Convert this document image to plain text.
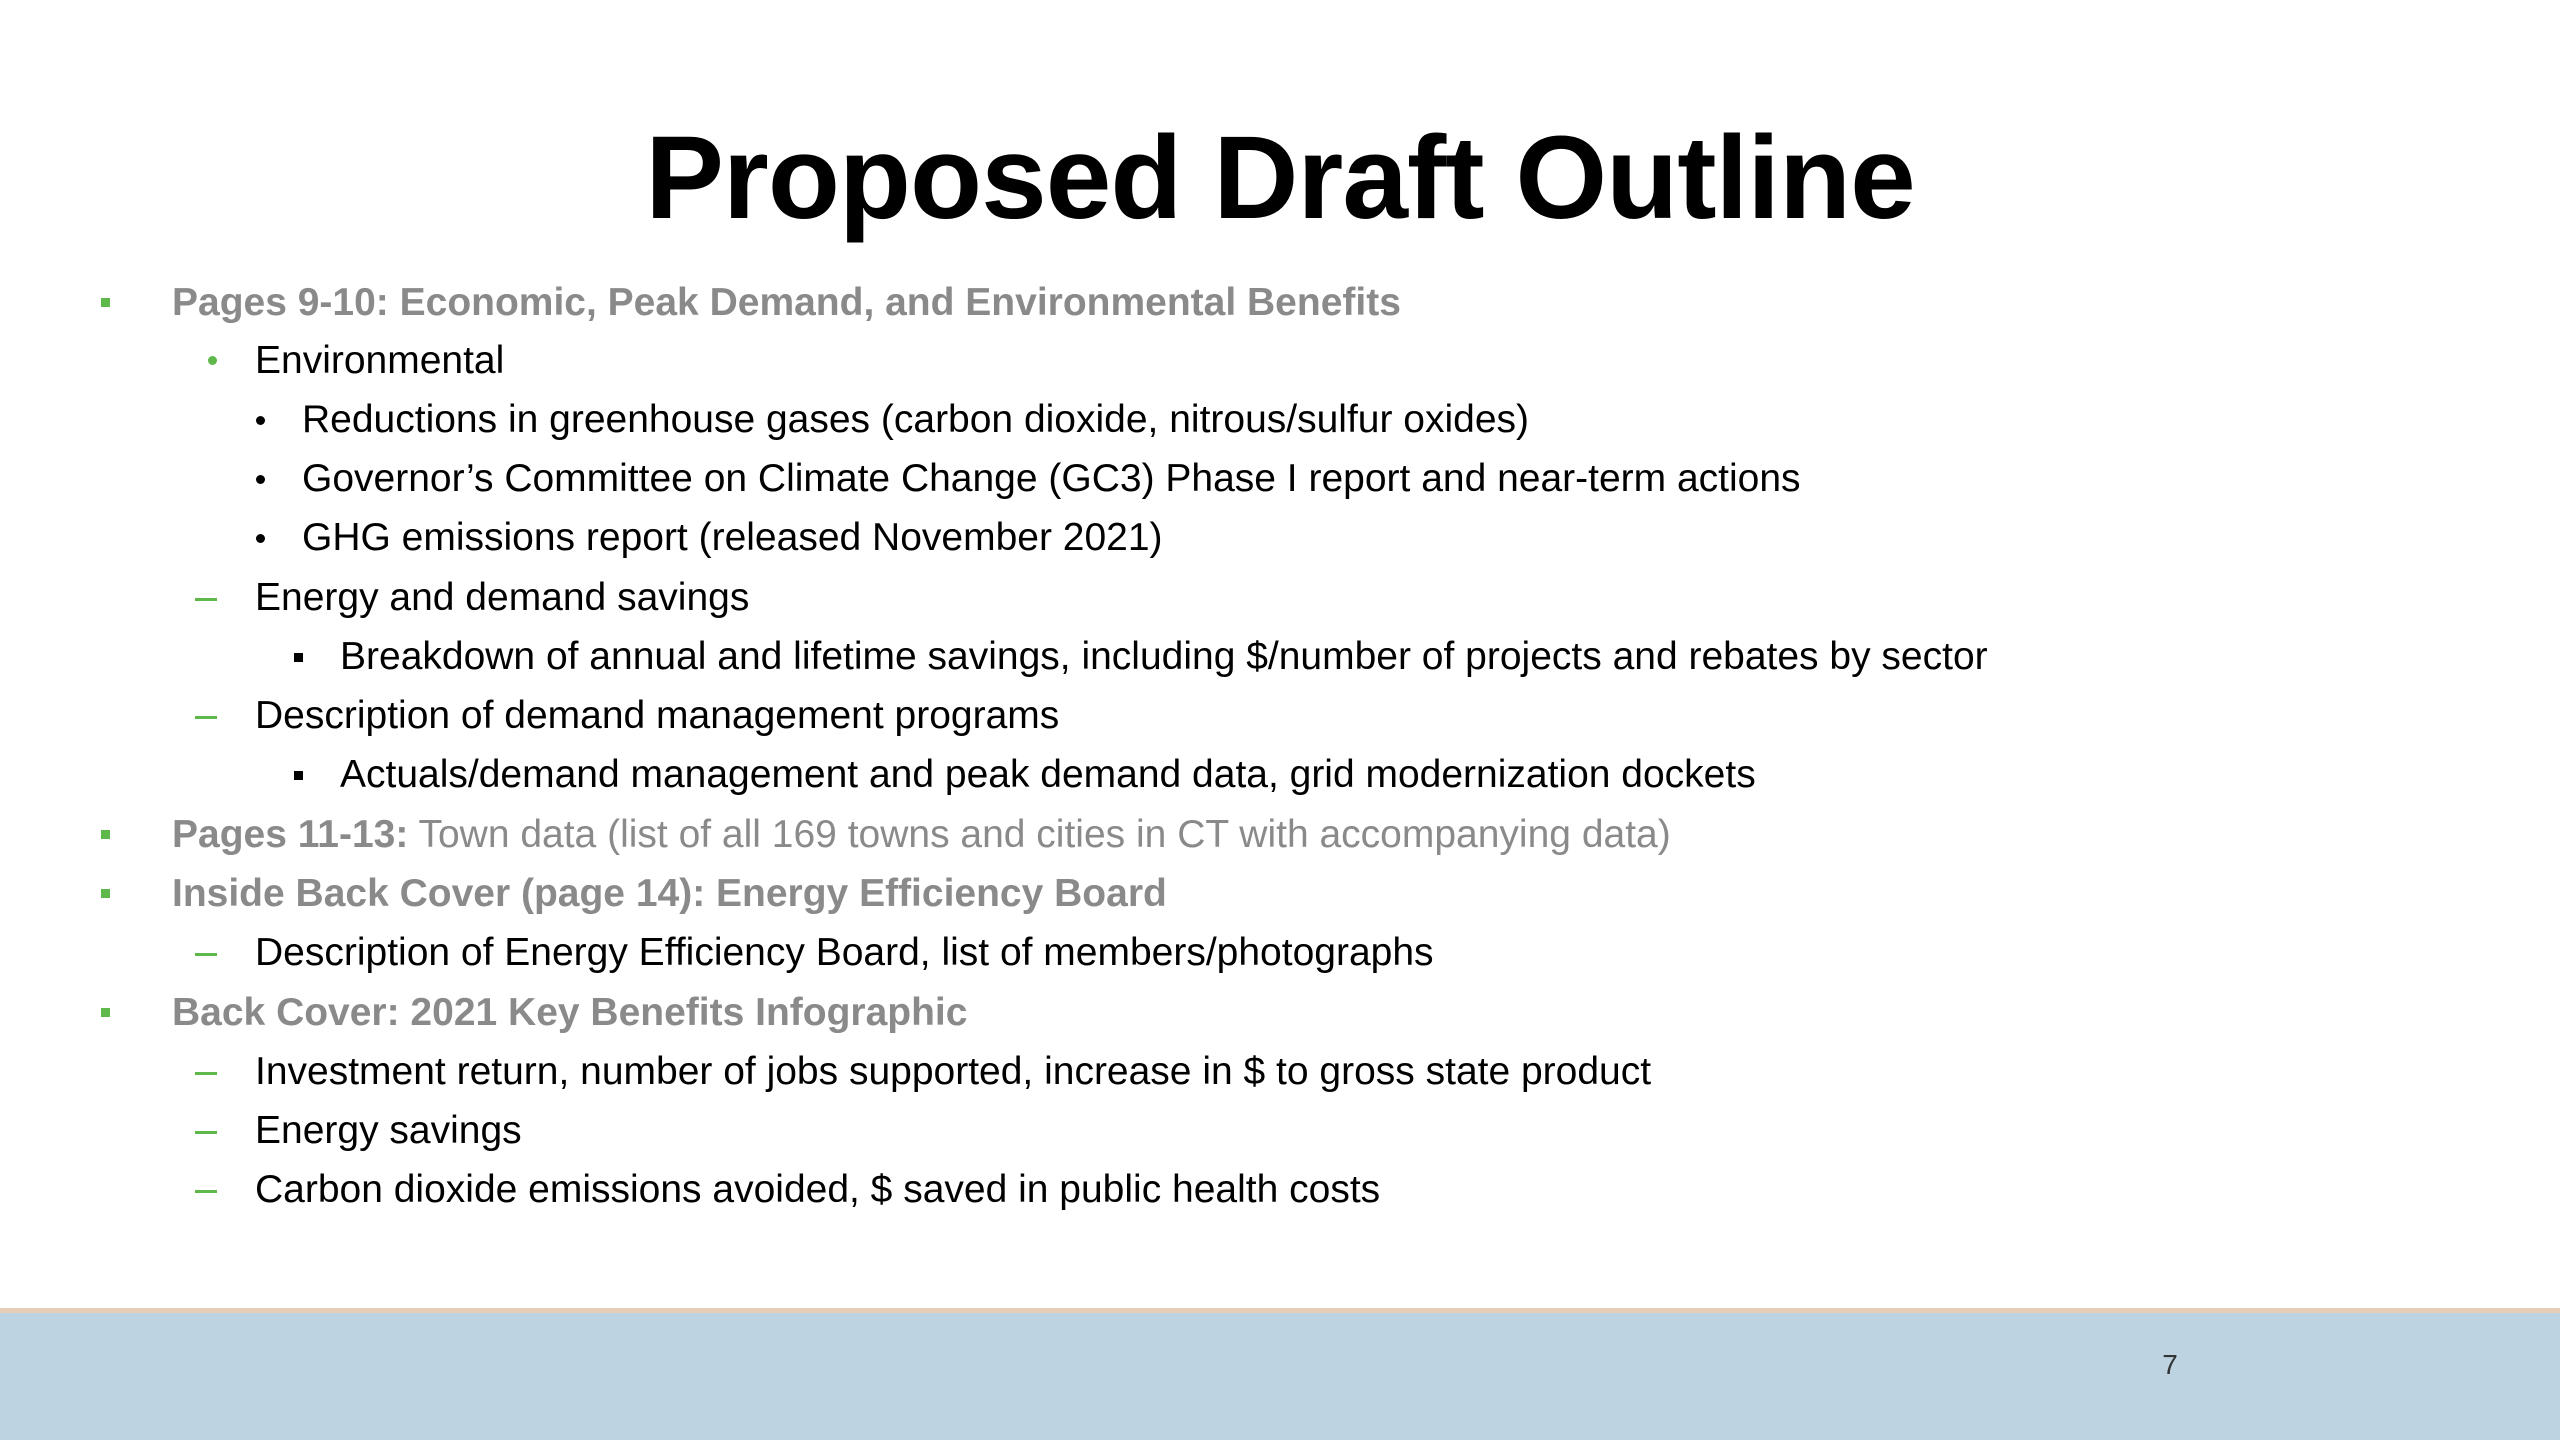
Proposed Draft Outline
Pages 9-10: Economic, Peak Demand, and Environmental Benefits
Environmental
Reductions in greenhouse gases (carbon dioxide, nitrous/sulfur oxides)
Governor’s Committee on Climate Change (GC3) Phase I report and near-term actions
GHG emissions report (released November 2021)
Energy and demand savings
Breakdown of annual and lifetime savings, including $/number of projects and rebates by sector
Description of demand management programs
Actuals/demand management and peak demand data, grid modernization dockets
Pages 11-13: Town data (list of all 169 towns and cities in CT with accompanying data)
Inside Back Cover (page 14): Energy Efficiency Board
Description of Energy Efficiency Board, list of members/photographs
Back Cover: 2021 Key Benefits Infographic
Investment return, number of jobs supported, increase in $ to gross state product
Energy savings
Carbon dioxide emissions avoided, $ saved in public health costs
7
